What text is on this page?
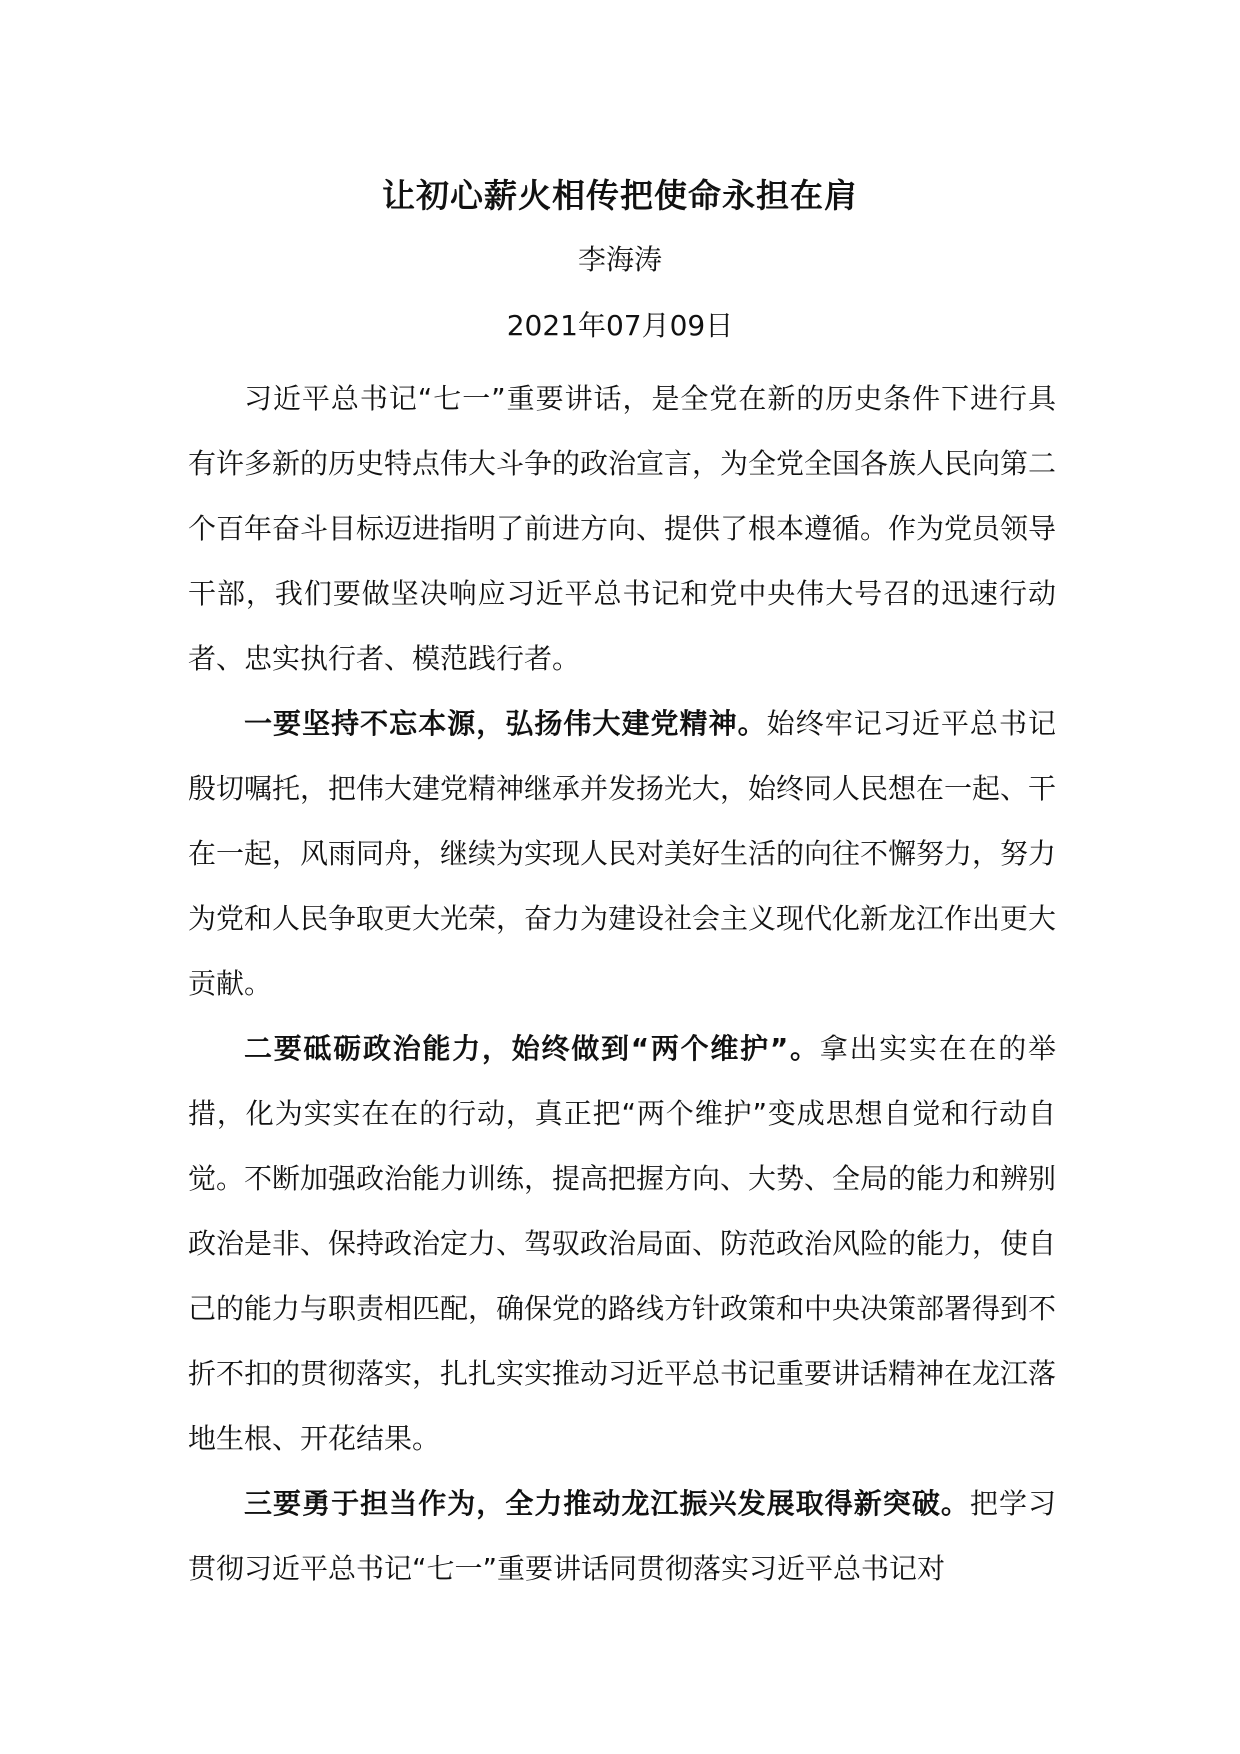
让初心薪火相传把使命永担在肩
李海涛
2021年07月09日

习近平总书记“七一”重要讲话，是全党在新的历史条件下进行具有许多新的历史特点伟大斗争的政治宣言，为全党全国各族人民向第二个百年奋斗目标迈进指明了前进方向、提供了根本遵循。作为党员领导干部，我们要做坚决响应习近平总书记和党中央伟大号召的迅速行动者、忠实执行者、模范践行者。

一要坚持不忘本源，弘扬伟大建党精神。始终牢记习近平总书记殷切嘱托，把伟大建党精神继承并发扬光大，始终同人民想在一起、干在一起，风雨同舟，继续为实现人民对美好生活的向往不懈努力，努力为党和人民争取更大光荣，奋力为建设社会主义现代化新龙江作出更大贡献。

二要砥砺政治能力，始终做到“两个维护”。拿出实实在在的举措，化为实实在在的行动，真正把“两个维护”变成思想自觉和行动自觉。不断加强政治能力训练，提高把握方向、大势、全局的能力和辨别政治是非、保持政治定力、驾驭政治局面、防范政治风险的能力，使自己的能力与职责相匹配，确保党的路线方针政策和中央决策部署得到不折不扣的贯彻落实，扎扎实实推动习近平总书记重要讲话精神在龙江落地生根、开花结果。

三要勇于担当作为，全力推动龙江振兴发展取得新突破。把学习贯彻习近平总书记“七一”重要讲话同贯彻落实习近平总书记对
